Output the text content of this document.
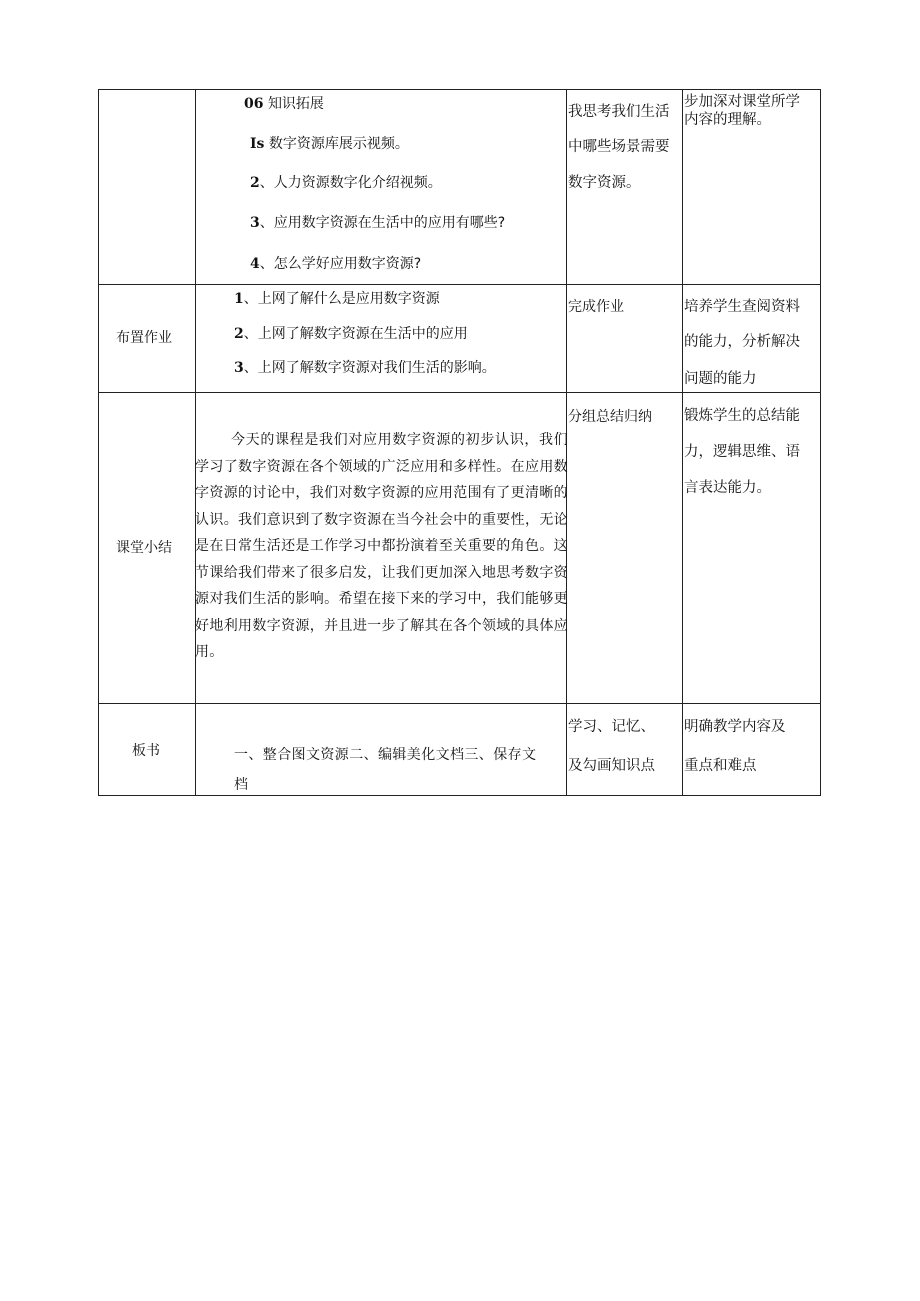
06 知识拓展
Is 数字资源库展示视频。
2、人力资源数字化介绍视频。
3、应用数字资源在生活中的应用有哪些?
4、怎么学好应用数字资源?
我思考我们生活
中哪些场景需要
数字资源。
步加深对课堂所学
内容的理解。
布置作业
1、上网了解什么是应用数字资源
2、上网了解数字资源在生活中的应用
3、上网了解数字资源对我们生活的影响。
完成作业	培养学生查阅资料
的能力，分析解决
问题的能力
课堂小结
今天的课程是我们对应用数字资源的初步认识，我们学习了数字资源在各个领域的广泛应用和多样性。在应用数字资源的讨论中，我们对数字资源的应用范围有了更清晰的认识。我们意识到了数字资源在当今社会中的重要性，无论是在日常生活还是工作学习中都扮演着至关重要的角色。这节课给我们带来了很多启发，让我们更加深入地思考数字资源对我们生活的影响。希望在接下来的学习中，我们能够更好地利用数字资源，并且进一步了解其在各个领域的具体应用。
分组总结归纳 锻炼学生的总结能
力，逻辑思维、语
言表达能力。
板书	一、整合图文资源二、编辑美化文档三、保存文
档
学习、记忆、
及勾画知识点
明确教学内容及
重点和难点
